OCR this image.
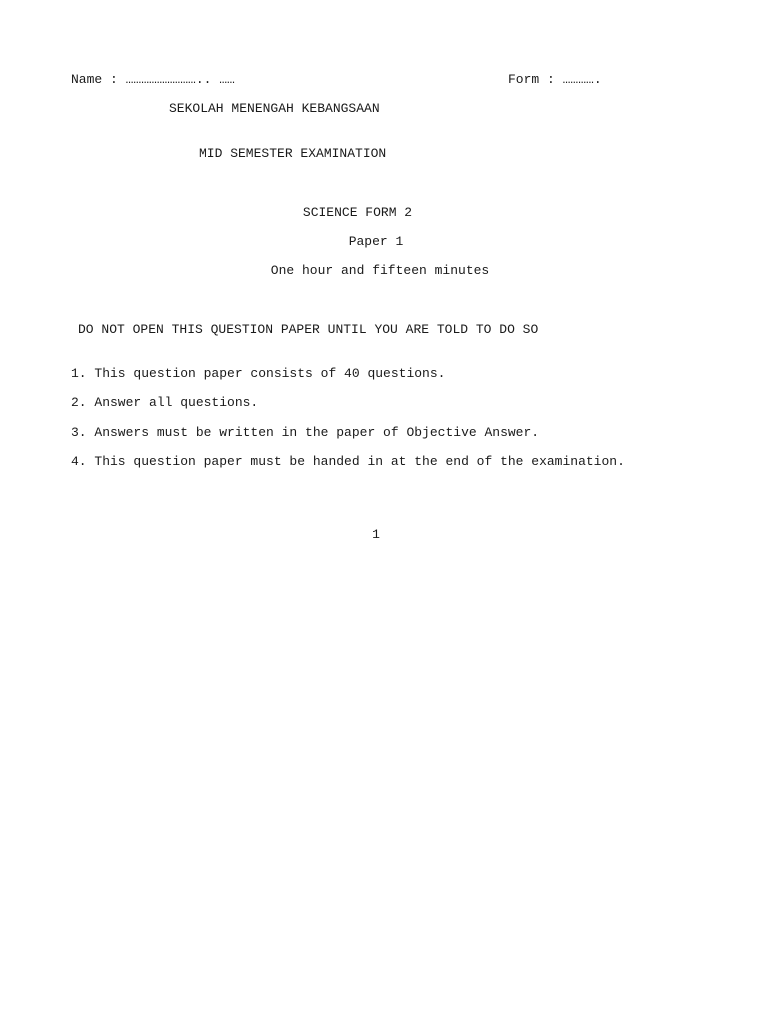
Name : ……………………….. ……	Form : ………….
SEKOLAH MENENGAH KEBANGSAAN
MID SEMESTER EXAMINATION
SCIENCE FORM 2
Paper 1
One hour and fifteen minutes
DO NOT OPEN THIS QUESTION PAPER UNTIL YOU ARE TOLD TO DO SO
1. This question paper consists of 40 questions.
2. Answer all questions.
3. Answers must be written in the paper of Objective Answer.
4. This question paper must be handed in at the end of the examination.
1
